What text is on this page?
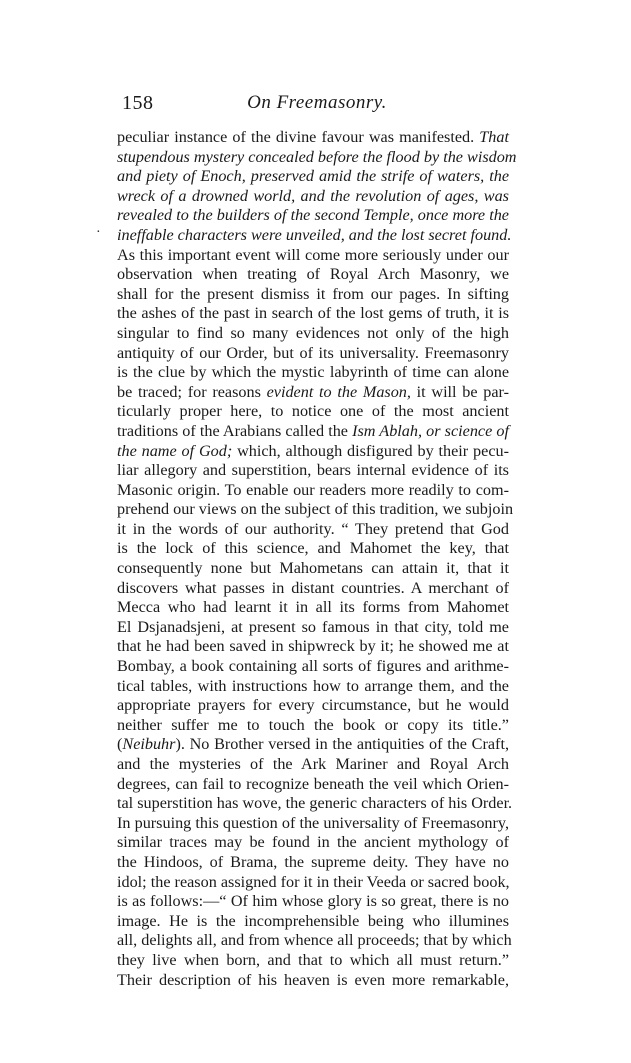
158	On Freemasonry.
·
peculiar instance of the divine favour was manifested. That
stupendous mystery concealed before the flood by the wisdom
and piety of Enoch, preserved amid the strife of waters, the
wreck of a drowned world, and the revolution of ages, was
revealed to the builders of the second Temple, once more the
ineffable characters were unveiled, and the lost secret found.
As this important event will come more seriously under our
observation when treating of Royal Arch Masonry, we
shall for the present dismiss it from our pages. In sifting
the ashes of the past in search of the lost gems of truth, it is
singular to find so many evidences not only of the high
antiquity of our Order, but of its universality. Freemasonry
is the clue by which the mystic labyrinth of time can alone
be traced; for reasons evident to the Mason, it will be par-
ticularly proper here, to notice one of the most ancient
traditions of the Arabians called the Ism Ablah, or science of
the name of God; which, although disfigured by their pecu-
liar allegory and superstition, bears internal evidence of its
Masonic origin. To enable our readers more readily to com-
prehend our views on the subject of this tradition, we subjoin
it in the words of our authority. “ They pretend that God
is the lock of this science, and Mahomet the key, that
consequently none but Mahometans can attain it, that it
discovers what passes in distant countries. A merchant of
Mecca who had learnt it in all its forms from Mahomet
El Dsjanadsjeni, at present so famous in that city, told me
that he had been saved in shipwreck by it; he showed me at
Bombay, a book containing all sorts of figures and arithme-
tical tables, with instructions how to arrange them, and the
appropriate prayers for every circumstance, but he would
neither suffer me to touch the book or copy its title.”
(Neibuhr). No Brother versed in the antiquities of the Craft,
and the mysteries of the Ark Mariner and Royal Arch
degrees, can fail to recognize beneath the veil which Orien-
tal superstition has wove, the generic characters of his Order.
In pursuing this question of the universality of Freemasonry,
similar traces may be found in the ancient mythology of
the Hindoos, of Brama, the supreme deity. They have no
idol; the reason assigned for it in their Veeda or sacred book,
is as follows:—“ Of him whose glory is so great, there is no
image. He is the incomprehensible being who illumines
all, delights all, and from whence all proceeds; that by which
they live when born, and that to which all must return.”
Their description of his heaven is even more remarkable,
